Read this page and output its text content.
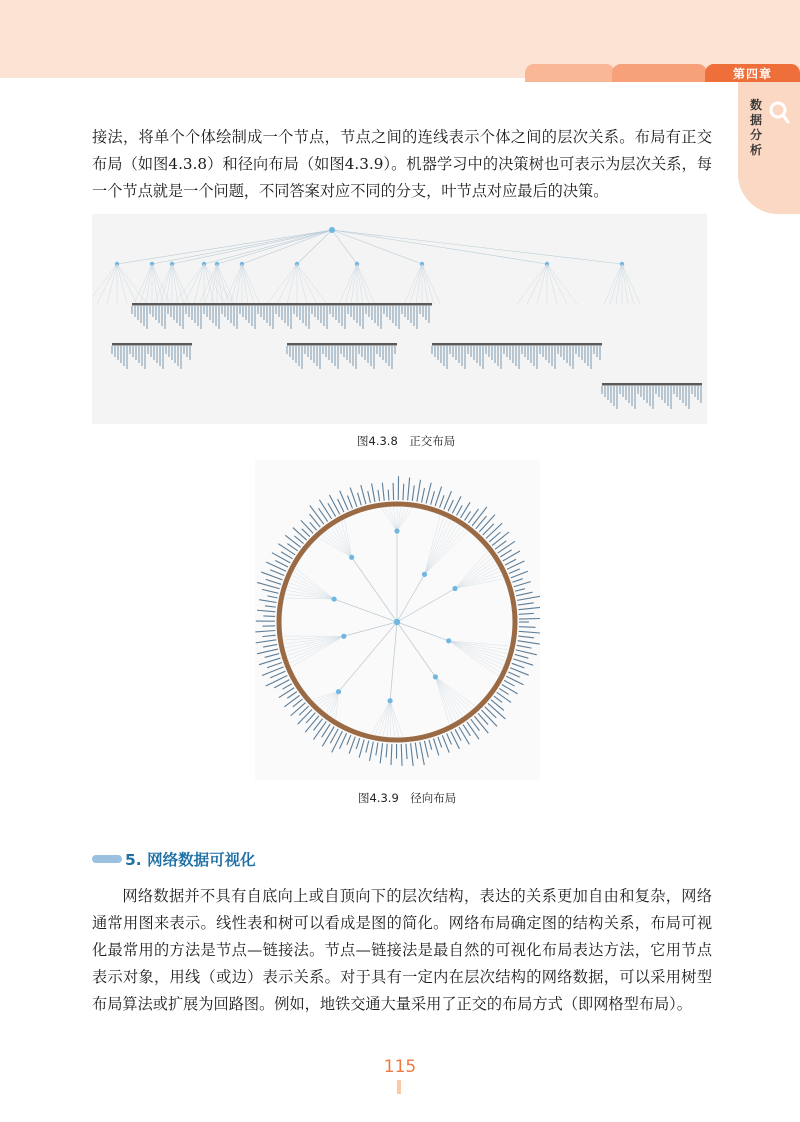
第四章
数据分析

接法，将单个个体绘制成一个节点，节点之间的连线表示个体之间的层次关系。布局有正交布局（如图4.3.8）和径向布局（如图4.3.9）。机器学习中的决策树也可表示为层次关系，每一个节点就是一个问题，不同答案对应不同的分支，叶节点对应最后的决策。

图4.3.8　正交布局
图4.3.9　径向布局
5. 网络数据可视化

网络数据并不具有自底向上或自顶向下的层次结构，表达的关系更加自由和复杂，网络通常用图来表示。线性表和树可以看成是图的简化。网络布局确定图的结构关系，布局可视化最常用的方法是节点—链接法。节点—链接法是最自然的可视化布局表达方法，它用节点表示对象，用线（或边）表示关系。对于具有一定内在层次结构的网络数据，可以采用树型布局算法或扩展为回路图。例如，地铁交通大量采用了正交的布局方式（即网格型布局）。

115
